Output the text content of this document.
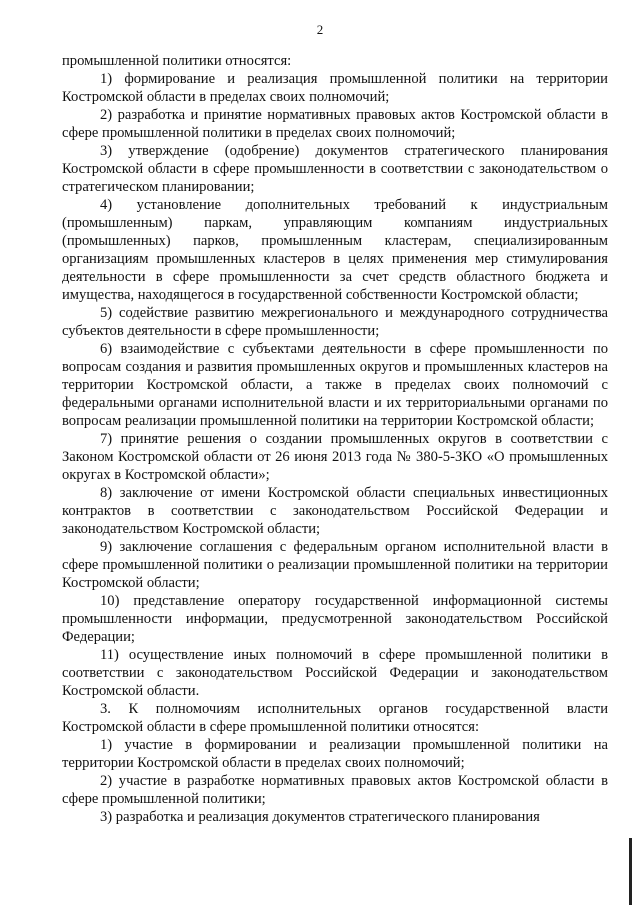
2

промышленной политики относятся:

1) формирование и реализация промышленной политики на территории Костромской области в пределах своих полномочий;

2) разработка и принятие нормативных правовых актов Костромской области в сфере промышленной политики в пределах своих полномочий;

3) утверждение (одобрение) документов стратегического планирования Костромской области в сфере промышленности в соответствии с законодательством о стратегическом планировании;

4) установление дополнительных требований к индустриальным (промышленным) паркам, управляющим компаниям индустриальных (промышленных) парков, промышленным кластерам, специализированным организациям промышленных кластеров в целях применения мер стимулирования деятельности в сфере промышленности за счет средств областного бюджета и имущества, находящегося в государственной собственности Костромской области;

5) содействие развитию межрегионального и международного сотрудничества субъектов деятельности в сфере промышленности;

6) взаимодействие с субъектами деятельности в сфере промышленности по вопросам создания и развития промышленных округов и промышленных кластеров на территории Костромской области, а также в пределах своих полномочий с федеральными органами исполнительной власти и их территориальными органами по вопросам реализации промышленной политики на территории Костромской области;

7) принятие решения о создании промышленных округов в соответствии с Законом Костромской области от 26 июня 2013 года № 380-5-ЗКО «О промышленных округах в Костромской области»;

8) заключение от имени Костромской области специальных инвестиционных контрактов в соответствии с законодательством Российской Федерации и законодательством Костромской области;

9) заключение соглашения с федеральным органом исполнительной власти в сфере промышленной политики о реализации промышленной политики на территории Костромской области;

10) представление оператору государственной информационной системы промышленности информации, предусмотренной законодательством Российской Федерации;

11) осуществление иных полномочий в сфере промышленной политики в соответствии с законодательством Российской Федерации и законодательством Костромской области.

3. К полномочиям исполнительных органов государственной власти Костромской области в сфере промышленной политики относятся:

1) участие в формировании и реализации промышленной политики на территории Костромской области в пределах своих полномочий;

2) участие в разработке нормативных правовых актов Костромской области в сфере промышленной политики;

3) разработка и реализация документов стратегического планирования
